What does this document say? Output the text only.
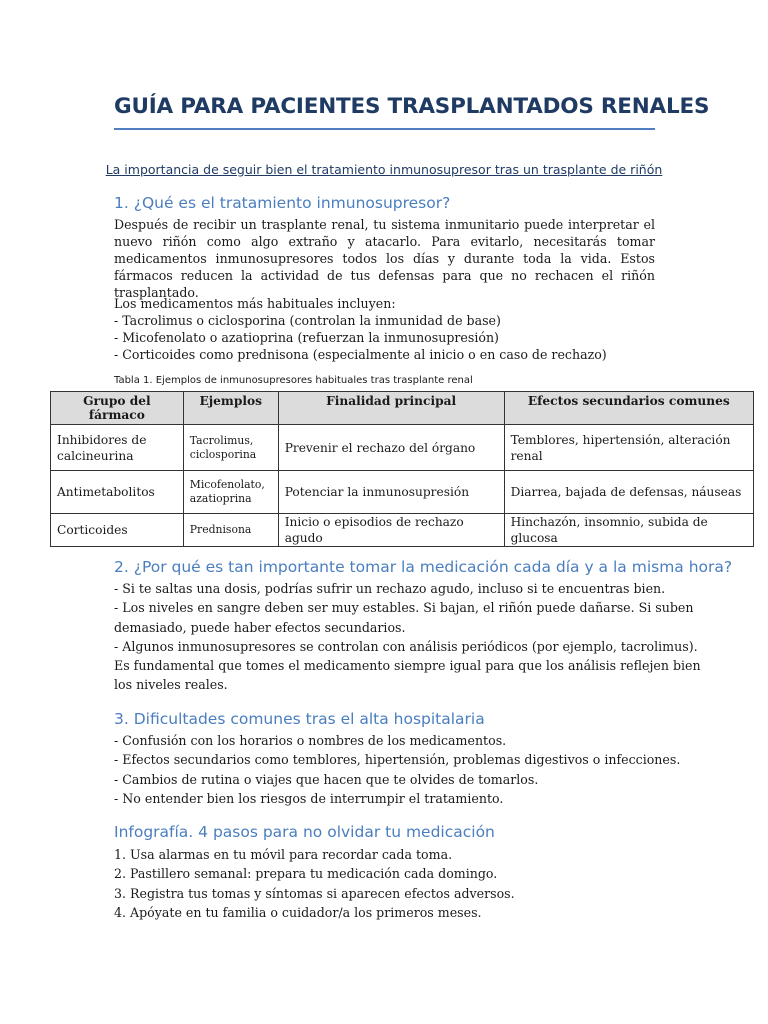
GUÍA PARA PACIENTES TRASPLANTADOS RENALES
La importancia de seguir bien el tratamiento inmunosupresor tras un trasplante de riñón
1. ¿Qué es el tratamiento inmunosupresor?

Después de recibir un trasplante renal, tu sistema inmunitario puede interpretar el nuevo riñón como algo extraño y atacarlo. Para evitarlo, necesitarás tomar medicamentos inmunosupresores todos los días y durante toda la vida. Estos fármacos reducen la actividad de tus defensas para que no rechacen el riñón trasplantado.

Los medicamentos más habituales incluyen:
- Tacrolimus o ciclosporina (controlan la inmunidad de base)
- Micofenolato o azatioprina (refuerzan la inmunosupresión)
- Corticoides como prednisona (especialmente al inicio o en caso de rechazo)
Tabla 1. Ejemplos de inmunosupresores habituales tras trasplante renal
Grupo del fármaco	Ejemplos	Finalidad principal	Efectos secundarios comunes
Inhibidores de calcineurina	Tacrolimus, ciclosporina	Prevenir el rechazo del órgano	Temblores, hipertensión, alteración renal
Antimetabolitos	Micofenolato, azatioprina	Potenciar la inmunosupresión	Diarrea, bajada de defensas, náuseas
Corticoides	Prednisona	Inicio o episodios de rechazo agudo	Hinchazón, insomnio, subida de glucosa
2. ¿Por qué es tan importante tomar la medicación cada día y a la misma hora?
- Si te saltas una dosis, podrías sufrir un rechazo agudo, incluso si te encuentras bien.
- Los niveles en sangre deben ser muy estables. Si bajan, el riñón puede dañarse. Si suben
demasiado, puede haber efectos secundarios.
- Algunos inmunosupresores se controlan con análisis periódicos (por ejemplo, tacrolimus).
Es fundamental que tomes el medicamento siempre igual para que los análisis reflejen bien
los niveles reales.
3. Dificultades comunes tras el alta hospitalaria
- Confusión con los horarios o nombres de los medicamentos.
- Efectos secundarios como temblores, hipertensión, problemas digestivos o infecciones.
- Cambios de rutina o viajes que hacen que te olvides de tomarlos.
- No entender bien los riesgos de interrumpir el tratamiento.
Infografía. 4 pasos para no olvidar tu medicación
1. Usa alarmas en tu móvil para recordar cada toma.
2. Pastillero semanal: prepara tu medicación cada domingo.
3. Registra tus tomas y síntomas si aparecen efectos adversos.
4. Apóyate en tu familia o cuidador/a los primeros meses.
